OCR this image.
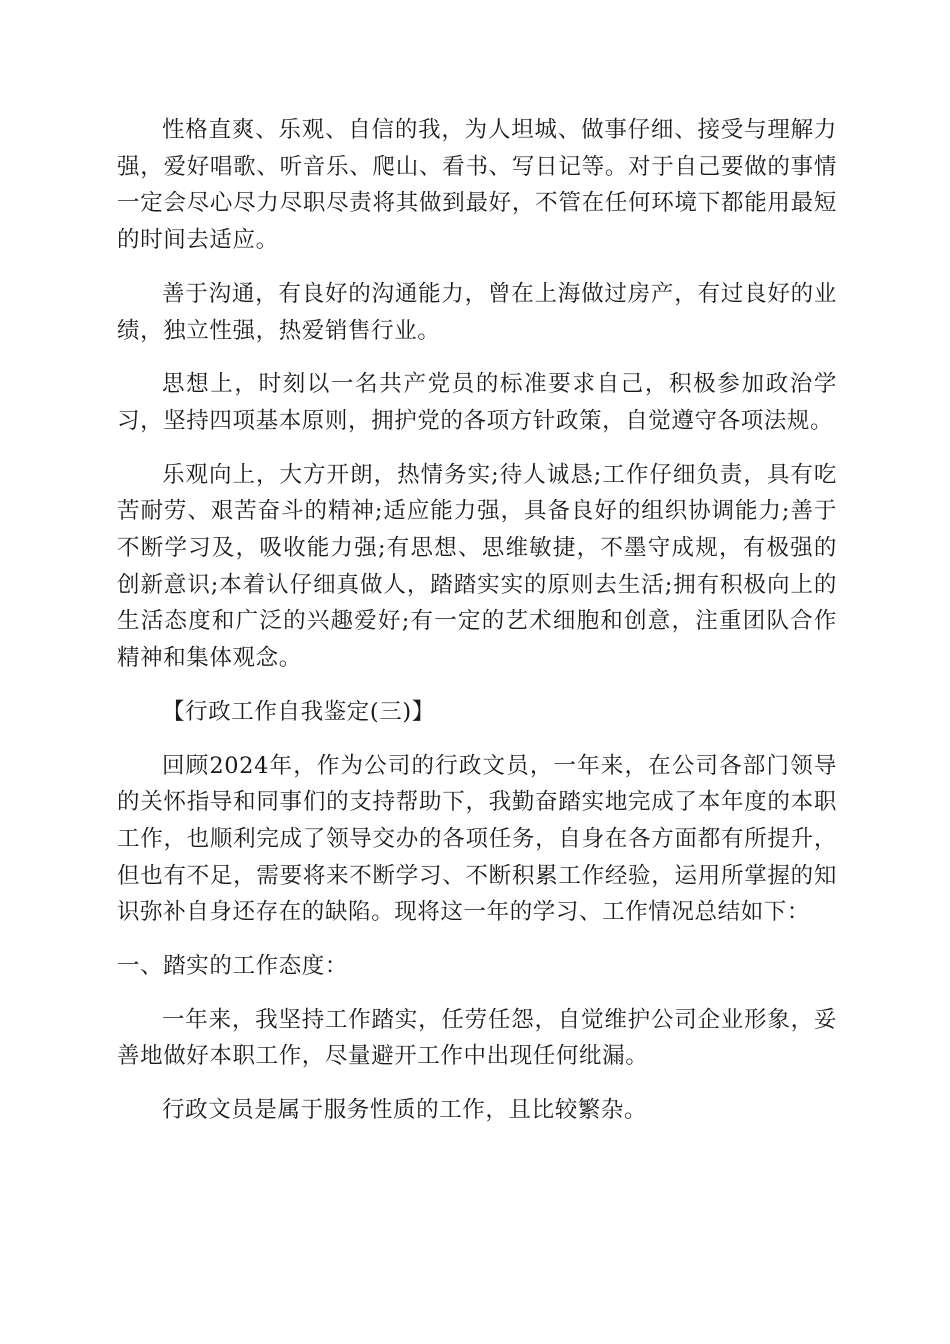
性格直爽、乐观、自信的我，为人坦城、做事仔细、接受与理解力强，爱好唱歌、听音乐、爬山、看书、写日记等。对于自己要做的事情一定会尽心尽力尽职尽责将其做到最好，不管在任何环境下都能用最短的时间去适应。

善于沟通，有良好的沟通能力，曾在上海做过房产，有过良好的业绩，独立性强，热爱销售行业。

思想上，时刻以一名共产党员的标准要求自己，积极参加政治学习，坚持四项基本原则，拥护党的各项方针政策，自觉遵守各项法规。

乐观向上，大方开朗，热情务实;待人诚恳;工作仔细负责，具有吃苦耐劳、艰苦奋斗的精神;适应能力强，具备良好的组织协调能力;善于不断学习及，吸收能力强;有思想、思维敏捷，不墨守成规，有极强的创新意识;本着认仔细真做人，踏踏实实的原则去生活;拥有积极向上的生活态度和广泛的兴趣爱好;有一定的艺术细胞和创意，注重团队合作精神和集体观念。

【行政工作自我鉴定(三)】

回顾2024年，作为公司的行政文员，一年来，在公司各部门领导的关怀指导和同事们的支持帮助下，我勤奋踏实地完成了本年度的本职工作，也顺利完成了领导交办的各项任务，自身在各方面都有所提升，但也有不足，需要将来不断学习、不断积累工作经验，运用所掌握的知识弥补自身还存在的缺陷。现将这一年的学习、工作情况总结如下：

一、踏实的工作态度：

一年来，我坚持工作踏实，任劳任怨，自觉维护公司企业形象，妥善地做好本职工作，尽量避开工作中出现任何纰漏。

行政文员是属于服务性质的工作，且比较繁杂。
